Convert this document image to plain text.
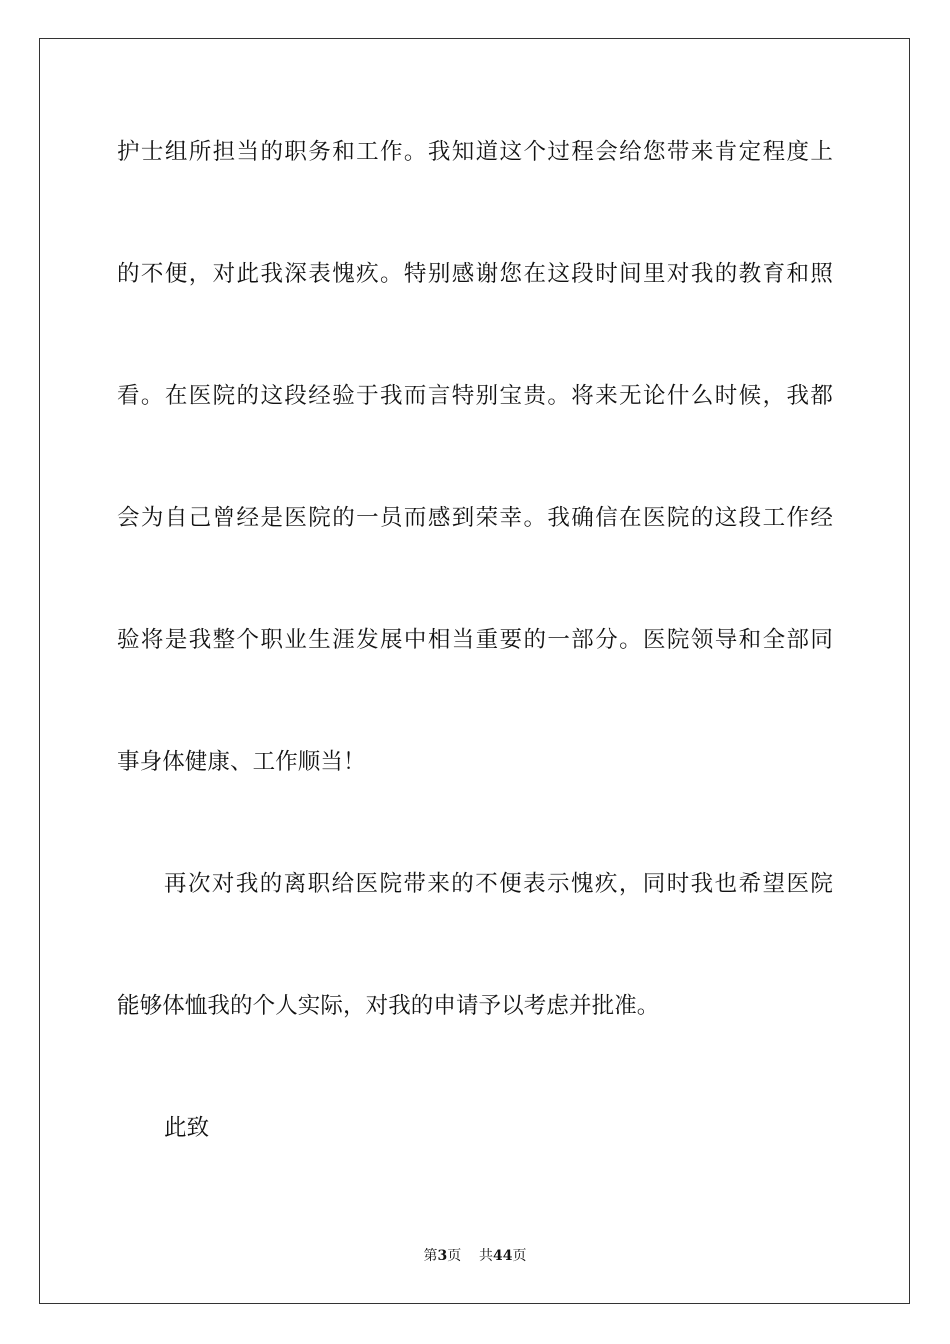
护士组所担当的职务和工作。我知道这个过程会给您带来肯定程度上
的不便，对此我深表愧疚。特别感谢您在这段时间里对我的教育和照
看。在医院的这段经验于我而言特别宝贵。将来无论什么时候，我都
会为自己曾经是医院的一员而感到荣幸。我确信在医院的这段工作经
验将是我整个职业生涯发展中相当重要的一部分。医院领导和全部同
事身体健康、工作顺当！
再次对我的离职给医院带来的不便表示愧疚，同时我也希望医院
能够体恤我的个人实际，对我的申请予以考虑并批准。
此致
第3页 共44页
